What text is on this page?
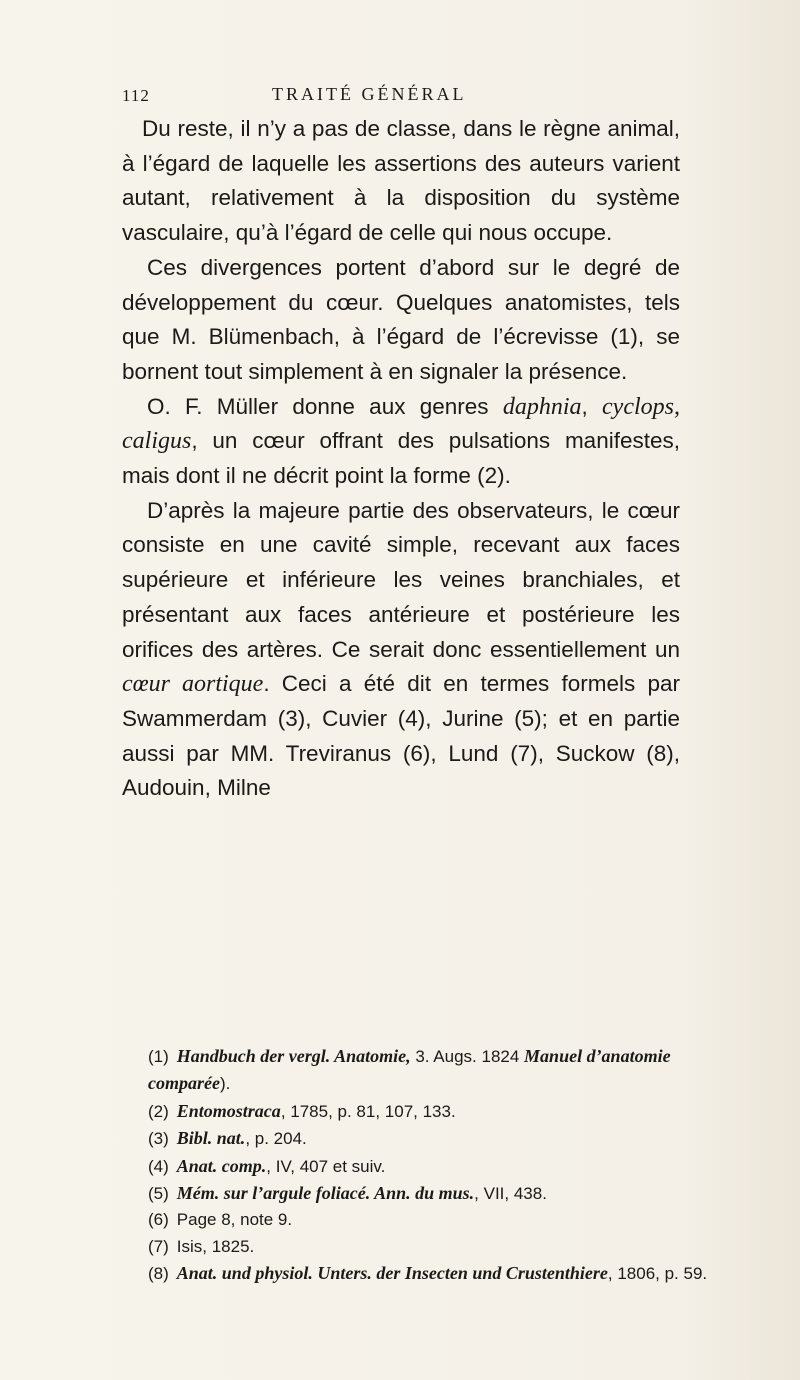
112	TRAITÉ GÉNÉRAL

Du reste, il n’y a pas de classe, dans le règne animal, à l’égard de laquelle les assertions des auteurs varient autant, relativement à la disposition du système vasculaire, qu’à l’égard de celle qui nous occupe.

Ces divergences portent d’abord sur le degré de développement du cœur. Quelques anatomistes, tels que M. Blümenbach, à l’égard de l’écrevisse (1), se bornent tout simplement à en signaler la présence.

O. F. Müller donne aux genres daphnia, cyclops, caligus, un cœur offrant des pulsations manifestes, mais dont il ne décrit point la forme (2).

D’après la majeure partie des observateurs, le cœur consiste en une cavité simple, recevant aux faces supérieure et inférieure les veines branchiales, et présentant aux faces antérieure et postérieure les orifices des artères. Ce serait donc essentiellement un cœur aortique. Ceci a été dit en termes formels par Swammerdam (3), Cuvier (4), Jurine (5); et en partie aussi par MM. Treviranus (6), Lund (7), Suckow (8), Audouin, Milne

(1) Handbuch der vergl. Anatomie, 3. Augs. 1824 Manuel d’anatomie comparée).
(2) Entomostraca, 1785, p. 81, 107, 133.
(3) Bibl. nat., p. 204.
(4) Anat. comp., IV, 407 et suiv.
(5) Mém. sur l’argule foliacé. Ann. du mus., VII, 438.
(6) Page 8, note 9.
(7) Isis, 1825.
(8) Anat. und physiol. Unters. der Insecten und Crustenthiere, 1806, p. 59.
